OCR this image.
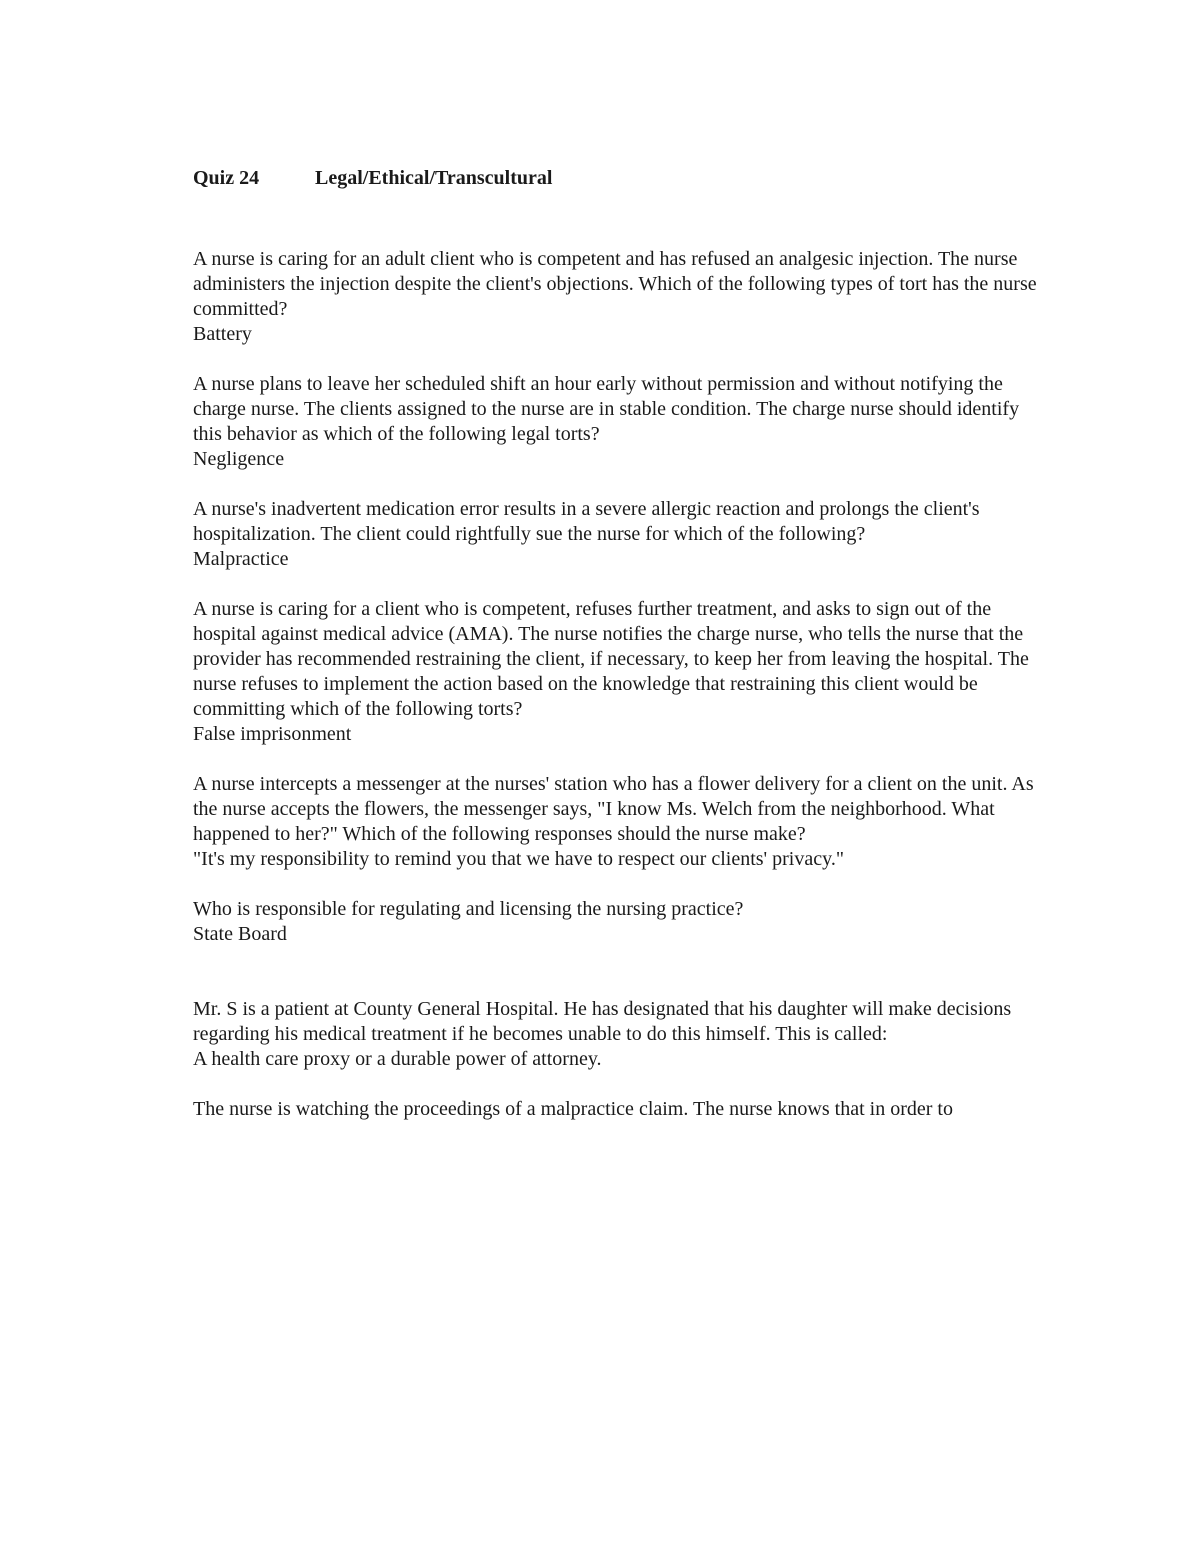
Quiz 24	Legal/Ethical/Transcultural

A nurse is caring for an adult client who is competent and has refused an analgesic injection. The nurse administers the injection despite the client's objections. Which of the following types of tort has the nurse committed?

Battery

A nurse plans to leave her scheduled shift an hour early without permission and without notifying the charge nurse. The clients assigned to the nurse are in stable condition. The charge nurse should identify this behavior as which of the following legal torts?

Negligence

A nurse's inadvertent medication error results in a severe allergic reaction and prolongs the client's hospitalization. The client could rightfully sue the nurse for which of the following?

Malpractice

A nurse is caring for a client who is competent, refuses further treatment, and asks to sign out of the hospital against medical advice (AMA). The nurse notifies the charge nurse, who tells the nurse that the provider has recommended restraining the client, if necessary, to keep her from leaving the hospital. The nurse refuses to implement the action based on the knowledge that restraining this client would be committing which of the following torts?

False imprisonment

A nurse intercepts a messenger at the nurses' station who has a flower delivery for a client on the unit. As the nurse accepts the flowers, the messenger says, "I know Ms. Welch from the neighborhood. What happened to her?" Which of the following responses should the nurse make?

"It's my responsibility to remind you that we have to respect our clients' privacy."

Who is responsible for regulating and licensing the nursing practice?

State Board

Mr. S is a patient at County General Hospital. He has designated that his daughter will make decisions regarding his medical treatment if he becomes unable to do this himself. This is called:

A health care proxy or a durable power of attorney.

The nurse is watching the proceedings of a malpractice claim. The nurse knows that in order to
